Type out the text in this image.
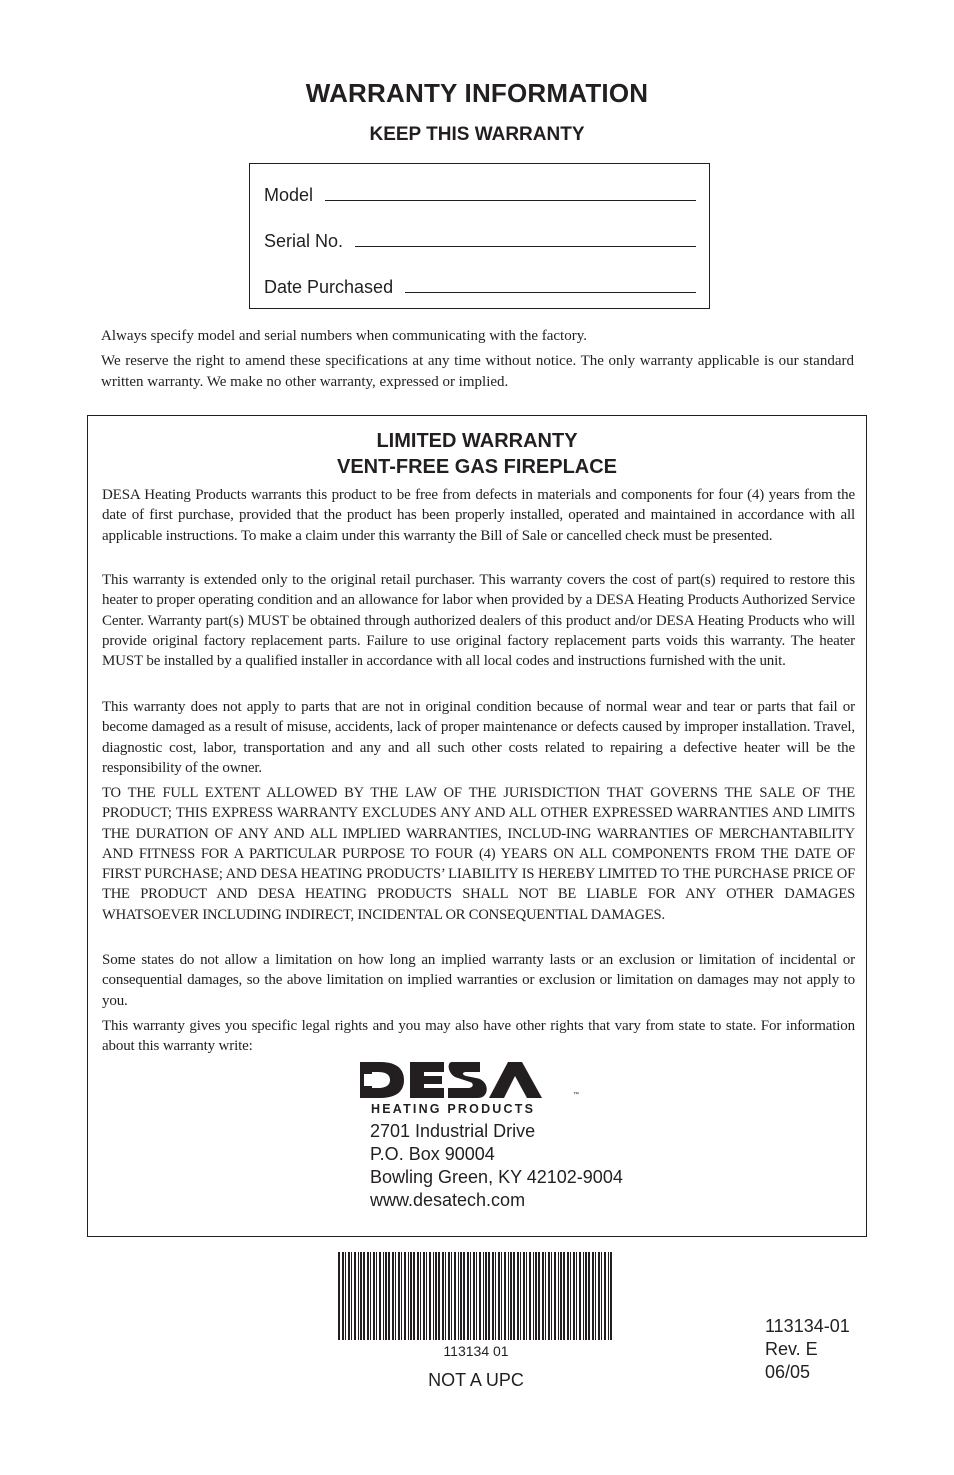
WARRANTY INFORMATION
KEEP THIS WARRANTY
Model
Serial No.
Date Purchased

Always specify model and serial numbers when communicating with the factory.

We reserve the right to amend these specifications at any time without notice. The only warranty applicable is our standard written warranty. We make no other warranty, expressed or implied.

LIMITED WARRANTY
VENT-FREE GAS FIREPLACE

DESA Heating Products warrants this product to be free from defects in materials and components for four (4) years from the date of first purchase, provided that the product has been properly installed, operated and maintained in accordance with all applicable instructions. To make a claim under this warranty the Bill of Sale or cancelled check must be presented.

This warranty is extended only to the original retail purchaser. This warranty covers the cost of part(s) required to restore this heater to proper operating condition and an allowance for labor when provided by a DESA Heating Products Authorized Service Center. Warranty part(s) MUST be obtained through authorized dealers of this product and/or DESA Heating Products who will provide original factory replacement parts. Failure to use original factory replacement parts voids this warranty. The heater MUST be installed by a qualified installer in accordance with all local codes and instructions furnished with the unit.

This warranty does not apply to parts that are not in original condition because of normal wear and tear or parts that fail or become damaged as a result of misuse, accidents, lack of proper maintenance or defects caused by improper installation. Travel, diagnostic cost, labor, transportation and any and all such other costs related to repairing a defective heater will be the responsibility of the owner.

TO THE FULL EXTENT ALLOWED BY THE LAW OF THE JURISDICTION THAT GOVERNS THE SALE OF THE PRODUCT; THIS EXPRESS WARRANTY EXCLUDES ANY AND ALL OTHER EXPRESSED WARRANTIES AND LIMITS THE DURATION OF ANY AND ALL IMPLIED WARRANTIES, INCLUD-ING WARRANTIES OF MERCHANTABILITY AND FITNESS FOR A PARTICULAR PURPOSE TO FOUR (4) YEARS ON ALL COMPONENTS FROM THE DATE OF FIRST PURCHASE; AND DESA HEATING PRODUCTS’ LIABILITY IS HEREBY LIMITED TO THE PURCHASE PRICE OF THE PRODUCT AND DESA HEATING PRODUCTS SHALL NOT BE LIABLE FOR ANY OTHER DAMAGES WHATSOEVER INCLUDING INDIRECT, INCIDENTAL OR CONSEQUENTIAL DAMAGES.

Some states do not allow a limitation on how long an implied warranty lasts or an exclusion or limitation of incidental or consequential damages, so the above limitation on implied warranties or exclusion or limitation on damages may not apply to you.

This warranty gives you specific legal rights and you may also have other rights that vary from state to state. For information about this warranty write:

HEATING PRODUCTS
™
2701 Industrial Drive
P.O. Box 90004
Bowling Green, KY 42102-9004
www.desatech.com
113134 01
NOT A UPC
113134-01
Rev. E
06/05
